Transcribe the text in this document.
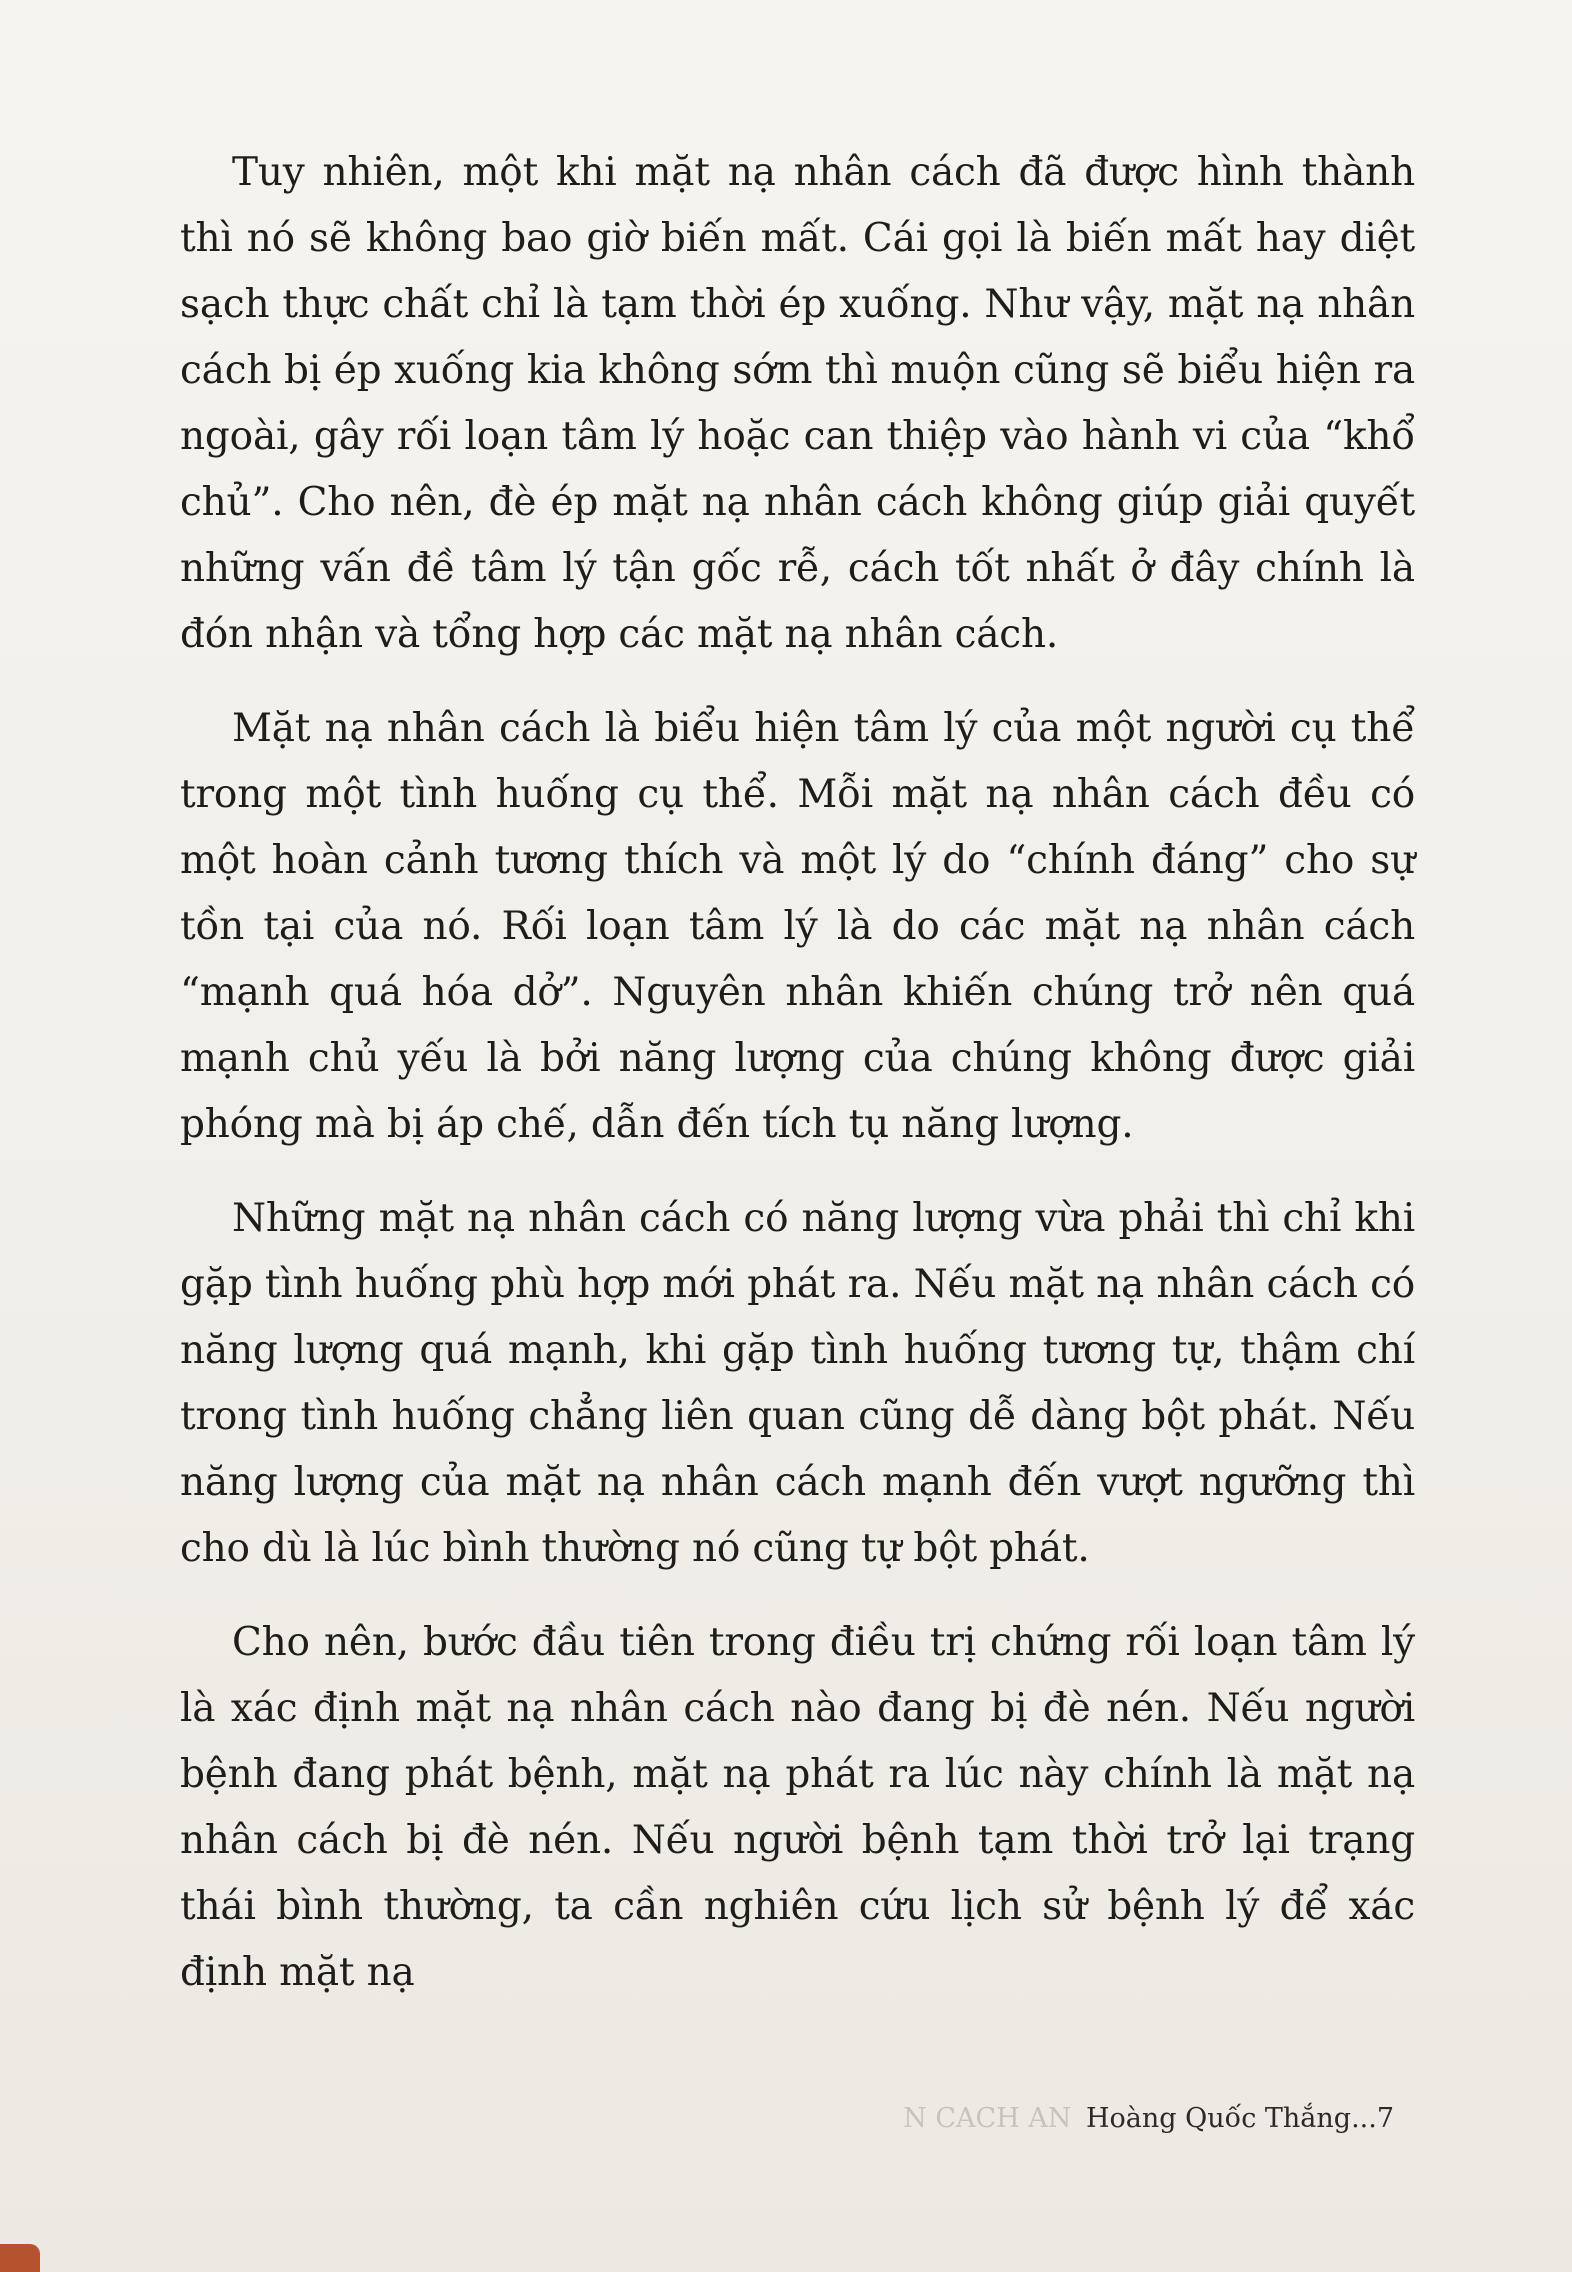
Tuy nhiên, một khi mặt nạ nhân cách đã được hình thành thì nó sẽ không bao giờ biến mất. Cái gọi là biến mất hay diệt sạch thực chất chỉ là tạm thời ép xuống. Như vậy, mặt nạ nhân cách bị ép xuống kia không sớm thì muộn cũng sẽ biểu hiện ra ngoài, gây rối loạn tâm lý hoặc can thiệp vào hành vi của “khổ chủ”. Cho nên, đè ép mặt nạ nhân cách không giúp giải quyết những vấn đề tâm lý tận gốc rễ, cách tốt nhất ở đây chính là đón nhận và tổng hợp các mặt nạ nhân cách.

Mặt nạ nhân cách là biểu hiện tâm lý của một người cụ thể trong một tình huống cụ thể. Mỗi mặt nạ nhân cách đều có một hoàn cảnh tương thích và một lý do “chính đáng” cho sự tồn tại của nó. Rối loạn tâm lý là do các mặt nạ nhân cách “mạnh quá hóa dở”. Nguyên nhân khiến chúng trở nên quá mạnh chủ yếu là bởi năng lượng của chúng không được giải phóng mà bị áp chế, dẫn đến tích tụ năng lượng.

Những mặt nạ nhân cách có năng lượng vừa phải thì chỉ khi gặp tình huống phù hợp mới phát ra. Nếu mặt nạ nhân cách có năng lượng quá mạnh, khi gặp tình huống tương tự, thậm chí trong tình huống chẳng liên quan cũng dễ dàng bột phát. Nếu năng lượng của mặt nạ nhân cách mạnh đến vượt ngưỡng thì cho dù là lúc bình thường nó cũng tự bột phát.

Cho nên, bước đầu tiên trong điều trị chứng rối loạn tâm lý là xác định mặt nạ nhân cách nào đang bị đè nén. Nếu người bệnh đang phát bệnh, mặt nạ phát ra lúc này chính là mặt nạ nhân cách bị đè nén. Nếu người bệnh tạm thời trở lại trạng thái bình thường, ta cần nghiên cứu lịch sử bệnh lý để xác định mặt nạ

N CACH AN Hoàng Quốc Thắng...7
